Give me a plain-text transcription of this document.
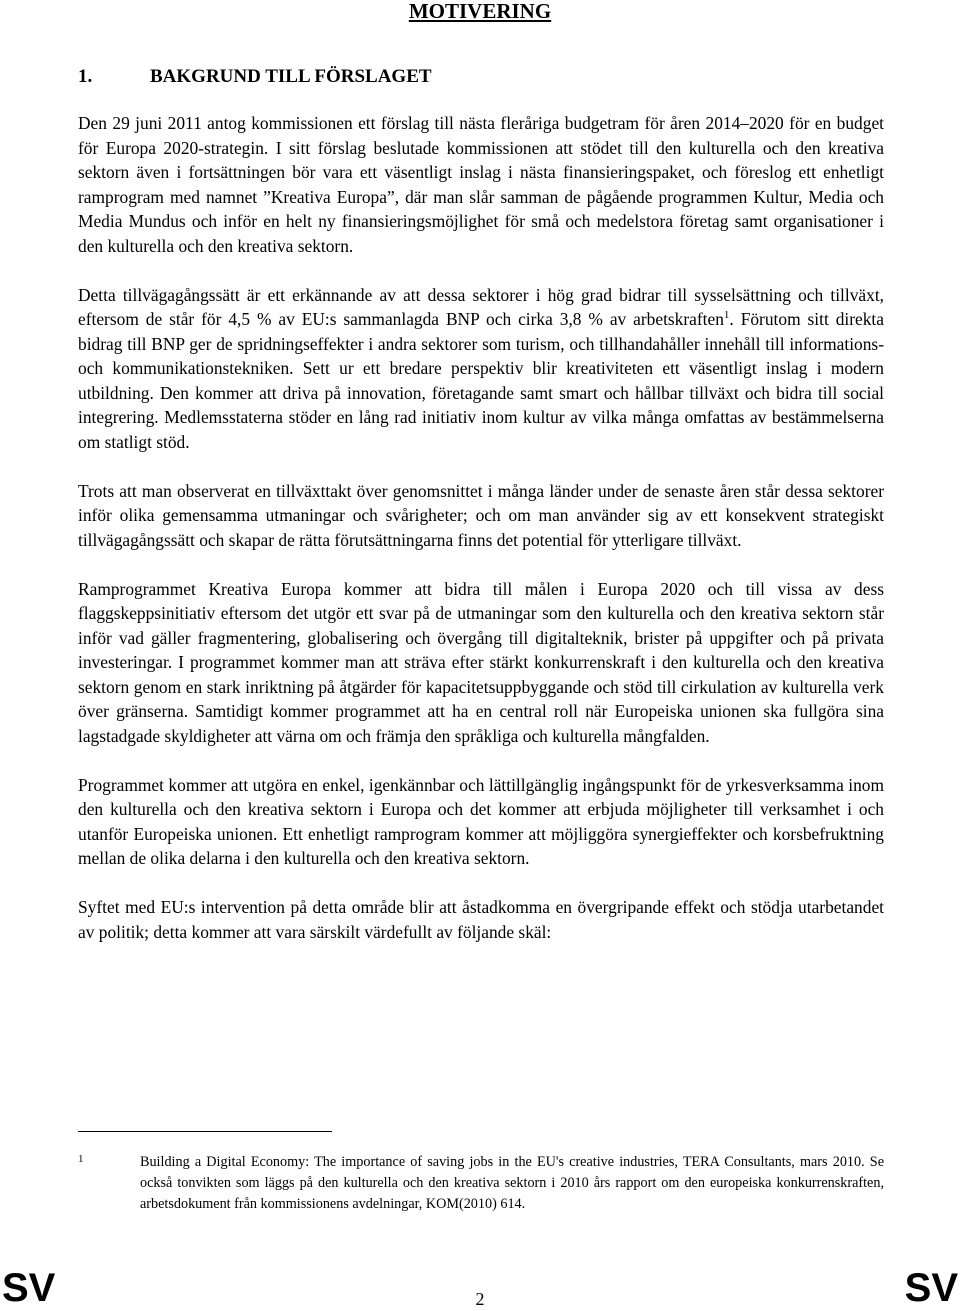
MOTIVERING
1.	BAKGRUND TILL FÖRSLAGET

Den 29 juni 2011 antog kommissionen ett förslag till nästa fleråriga budgetram för åren 2014–2020 för en budget för Europa 2020-strategin. I sitt förslag beslutade kommissionen att stödet till den kulturella och den kreativa sektorn även i fortsättningen bör vara ett väsentligt inslag i nästa finansieringspaket, och föreslog ett enhetligt ramprogram med namnet ”Kreativa Europa”, där man slår samman de pågående programmen Kultur, Media och Media Mundus och inför en helt ny finansieringsmöjlighet för små och medelstora företag samt organisationer i den kulturella och den kreativa sektorn.

Detta tillvägagångssätt är ett erkännande av att dessa sektorer i hög grad bidrar till sysselsättning och tillväxt, eftersom de står för 4,5 % av EU:s sammanlagda BNP och cirka 3,8 % av arbetskraften$^1$. Förutom sitt direkta bidrag till BNP ger de spridningseffekter i andra sektorer som turism, och tillhandahåller innehåll till informations- och kommunikationstekniken. Sett ur ett bredare perspektiv blir kreativiteten ett väsentligt inslag i modern utbildning. Den kommer att driva på innovation, företagande samt smart och hållbar tillväxt och bidra till social integrering. Medlemsstaterna stöder en lång rad initiativ inom kultur av vilka många omfattas av bestämmelserna om statligt stöd.

Trots att man observerat en tillväxttakt över genomsnittet i många länder under de senaste åren står dessa sektorer inför olika gemensamma utmaningar och svårigheter; och om man använder sig av ett konsekvent strategiskt tillvägagångssätt och skapar de rätta förutsättningarna finns det potential för ytterligare tillväxt.

Ramprogrammet Kreativa Europa kommer att bidra till målen i Europa 2020 och till vissa av dess flaggskeppsinitiativ eftersom det utgör ett svar på de utmaningar som den kulturella och den kreativa sektorn står inför vad gäller fragmentering, globalisering och övergång till digitalteknik, brister på uppgifter och på privata investeringar. I programmet kommer man att sträva efter stärkt konkurrenskraft i den kulturella och den kreativa sektorn genom en stark inriktning på åtgärder för kapacitetsuppbyggande och stöd till cirkulation av kulturella verk över gränserna. Samtidigt kommer programmet att ha en central roll när Europeiska unionen ska fullgöra sina lagstadgade skyldigheter att värna om och främja den språkliga och kulturella mångfalden.

Programmet kommer att utgöra en enkel, igenkännbar och lättillgänglig ingångspunkt för de yrkesverksamma inom den kulturella och den kreativa sektorn i Europa och det kommer att erbjuda möjligheter till verksamhet i och utanför Europeiska unionen. Ett enhetligt ramprogram kommer att möjliggöra synergieffekter och korsbefruktning mellan de olika delarna i den kulturella och den kreativa sektorn.

Syftet med EU:s intervention på detta område blir att åstadkomma en övergripande effekt och stödja utarbetandet av politik; detta kommer att vara särskilt värdefullt av följande skäl:

1	Building a Digital Economy: The importance of saving jobs in the EU's creative industries, TERA Consultants, mars 2010. Se också tonvikten som läggs på den kulturella och den kreativa sektorn i 2010 års rapport om den europeiska konkurrenskraften, arbetsdokument från kommissionens avdelningar, KOM(2010) 614.
SV	2	SV
